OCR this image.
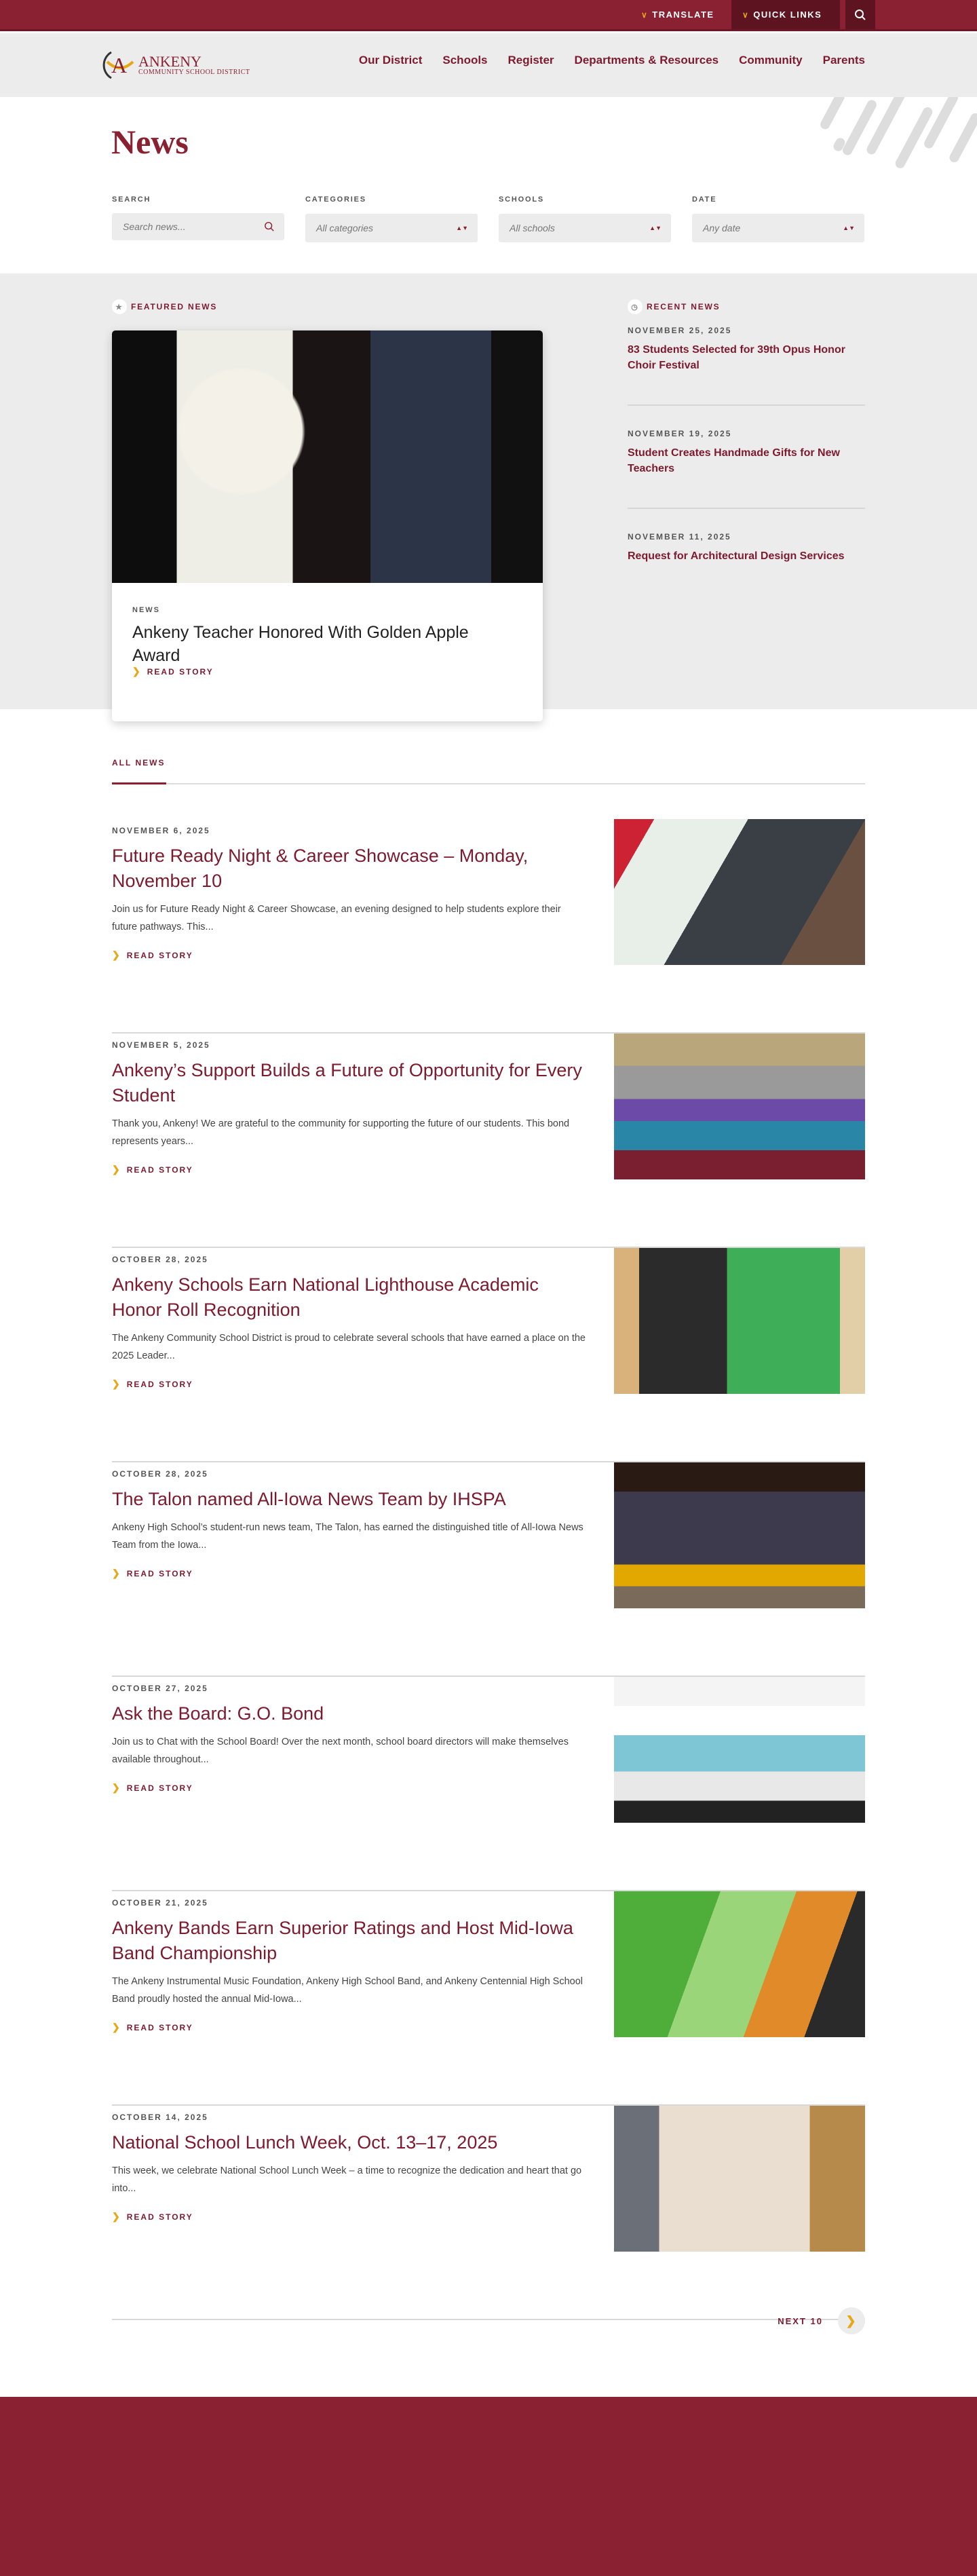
∨ TRANSLATE	∨ QUICK LINKS
A ANKENY
COMMUNITY SCHOOL DISTRICT
Our District Schools Register Departments & Resources Community Parents
News
SEARCH	CATEGORIES	SCHOOLS	DATE
Search news...	All categories	▲▼	All schools	▲▼	Any date	▲▼
★ FEATURED NEWS	◷ RECENT NEWS
NEWS
Ankeny Teacher Honored With Golden Apple Award
❯ READ STORY
NOVEMBER 25, 2025
83 Students Selected for 39th Opus Honor Choir Festival
NOVEMBER 19, 2025
Student Creates Handmade Gifts for New Teachers
NOVEMBER 11, 2025
Request for Architectural Design Services
ALL NEWS
NOVEMBER 6, 2025
Future Ready Night & Career Showcase – Monday, November 10
Join us for Future Ready Night & Career Showcase, an evening designed to help students explore their future pathways. This...
❯ READ STORY
NOVEMBER 5, 2025
Ankeny’s Support Builds a Future of Opportunity for Every Student
Thank you, Ankeny! We are grateful to the community for supporting the future of our students. This bond represents years...
❯ READ STORY
OCTOBER 28, 2025
Ankeny Schools Earn National Lighthouse Academic Honor Roll Recognition
The Ankeny Community School District is proud to celebrate several schools that have earned a place on the 2025 Leader...
❯ READ STORY
OCTOBER 28, 2025
The Talon named All-Iowa News Team by IHSPA
Ankeny High School’s student-run news team, The Talon, has earned the distinguished title of All-Iowa News Team from the Iowa...
❯ READ STORY
OCTOBER 27, 2025
Ask the Board: G.O. Bond
Join us to Chat with the School Board! Over the next month, school board directors will make themselves available throughout...
❯ READ STORY
OCTOBER 21, 2025
Ankeny Bands Earn Superior Ratings and Host Mid-Iowa Band Championship
The Ankeny Instrumental Music Foundation, Ankeny High School Band, and Ankeny Centennial High School Band proudly hosted the annual Mid-Iowa...
❯ READ STORY
OCTOBER 14, 2025
National School Lunch Week, Oct. 13–17, 2025
This week, we celebrate National School Lunch Week – a time to recognize the dedication and heart that go into...
❯ READ STORY
NEXT 10	❯
